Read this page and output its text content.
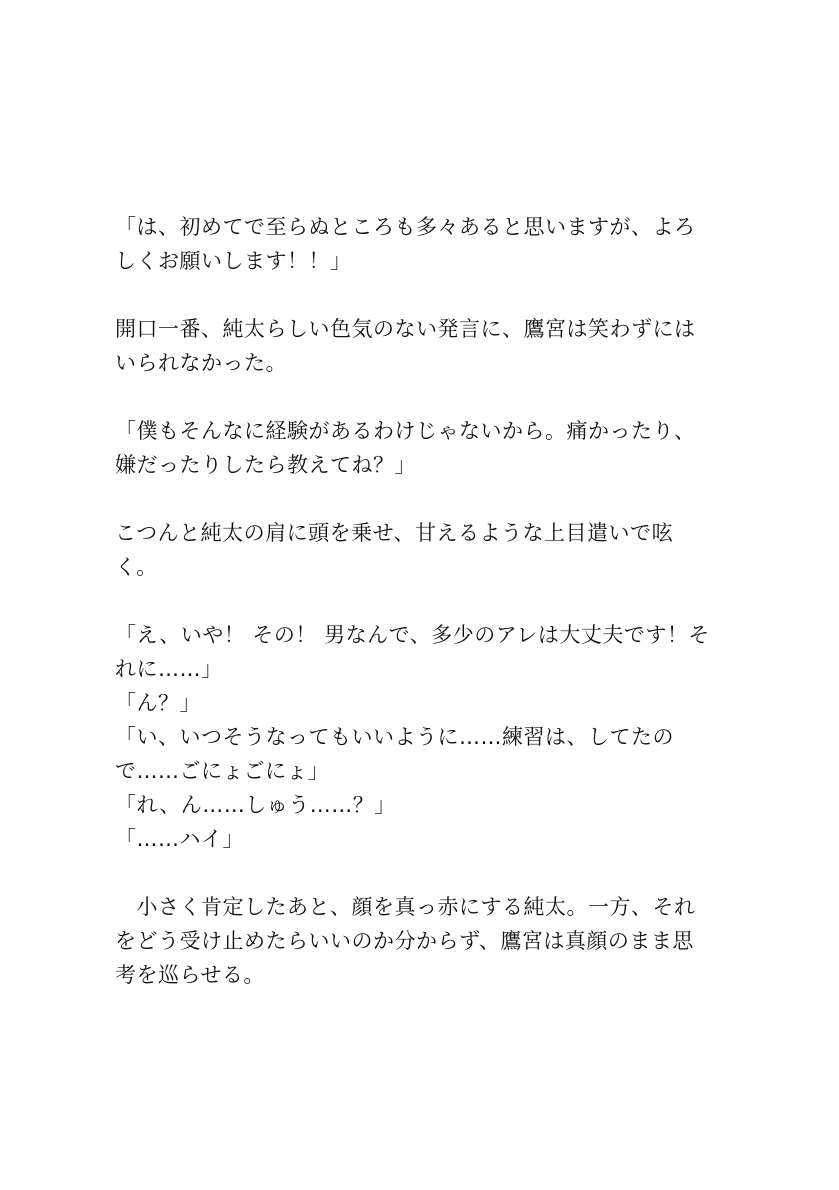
「は、初めてで至らぬところも多々あると思いますが、よろ
しくお願いします！！」
開口一番、純太らしい色気のない発言に、鷹宮は笑わずには
いられなかった。
「僕もそんなに経験があるわけじゃないから。痛かったり、
嫌だったりしたら教えてね？」
こつんと純太の肩に頭を乗せ、甘えるような上目遣いで呟
く。
「え、いや！ その！ 男なんで、多少のアレは大丈夫です！そ
れに……」
「ん？」
「い、いつそうなってもいいように……練習は、してたの
で……ごにょごにょ」
「れ、ん……しゅう……？」
「……ハイ」
　小さく肯定したあと、顔を真っ赤にする純太。一方、それ
をどう受け止めたらいいのか分からず、鷹宮は真顔のまま思
考を巡らせる。
